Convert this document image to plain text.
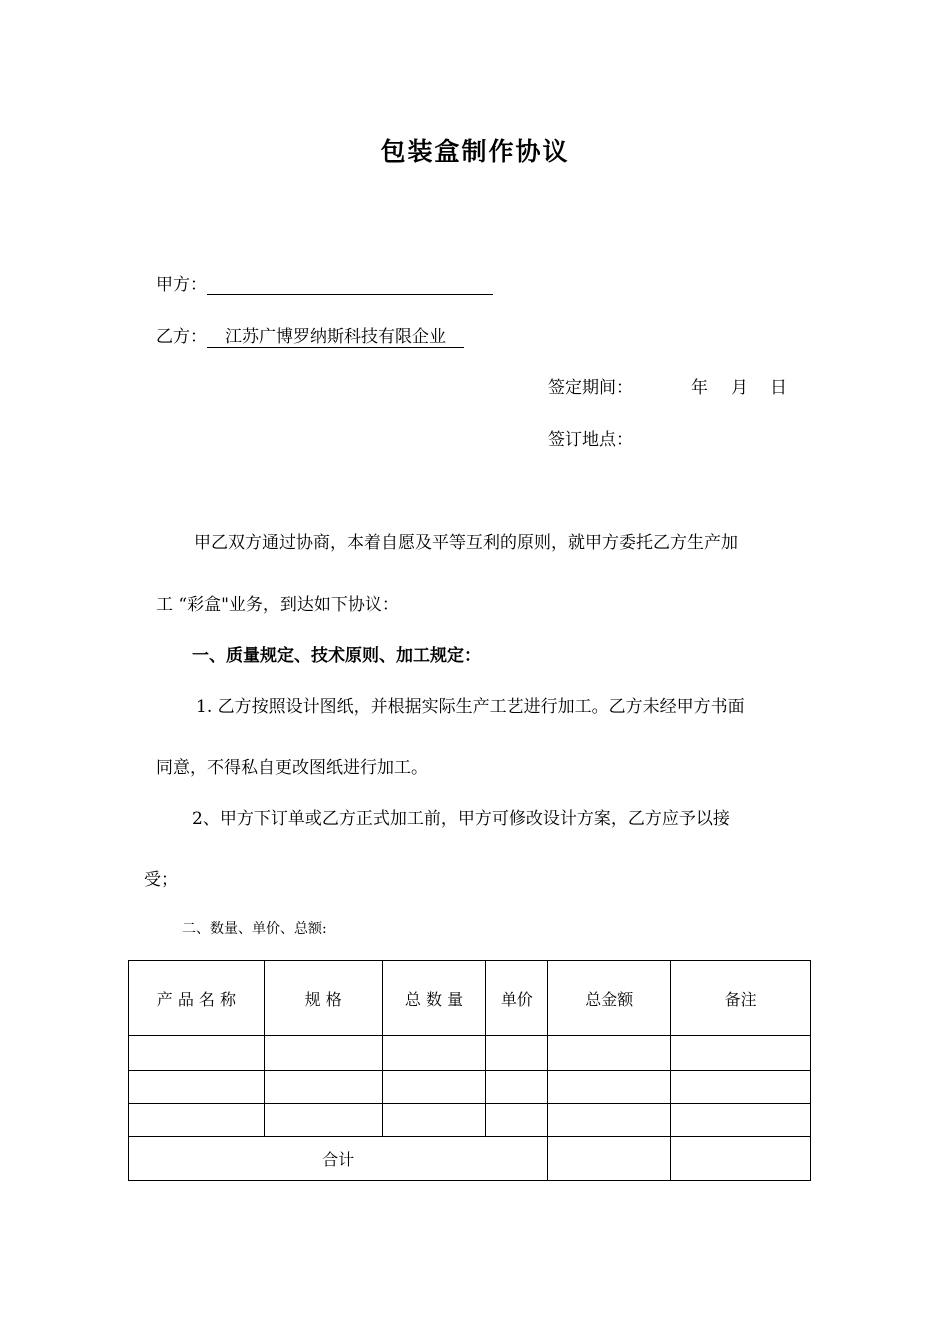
包装盒制作协议
甲方：
乙方： 江苏广博罗纳斯科技有限企业
签定期间：	年 月 日
签订地点：
甲乙双方通过协商，本着自愿及平等互利的原则，就甲方委托乙方生产加
工 “彩盒"业务，到达如下协议：
一、质量规定、技术原则、加工规定：
1. 乙方按照设计图纸，并根据实际生产工艺进行加工。乙方未经甲方书面
同意，不得私自更改图纸进行加工。
2、甲方下订单或乙方正式加工前，甲方可修改设计方案，乙方应予以接
受；
二、数量、单价、总额:
产 品 名 称	规 格	总 数 量	单价	总金额	备注

合计					
